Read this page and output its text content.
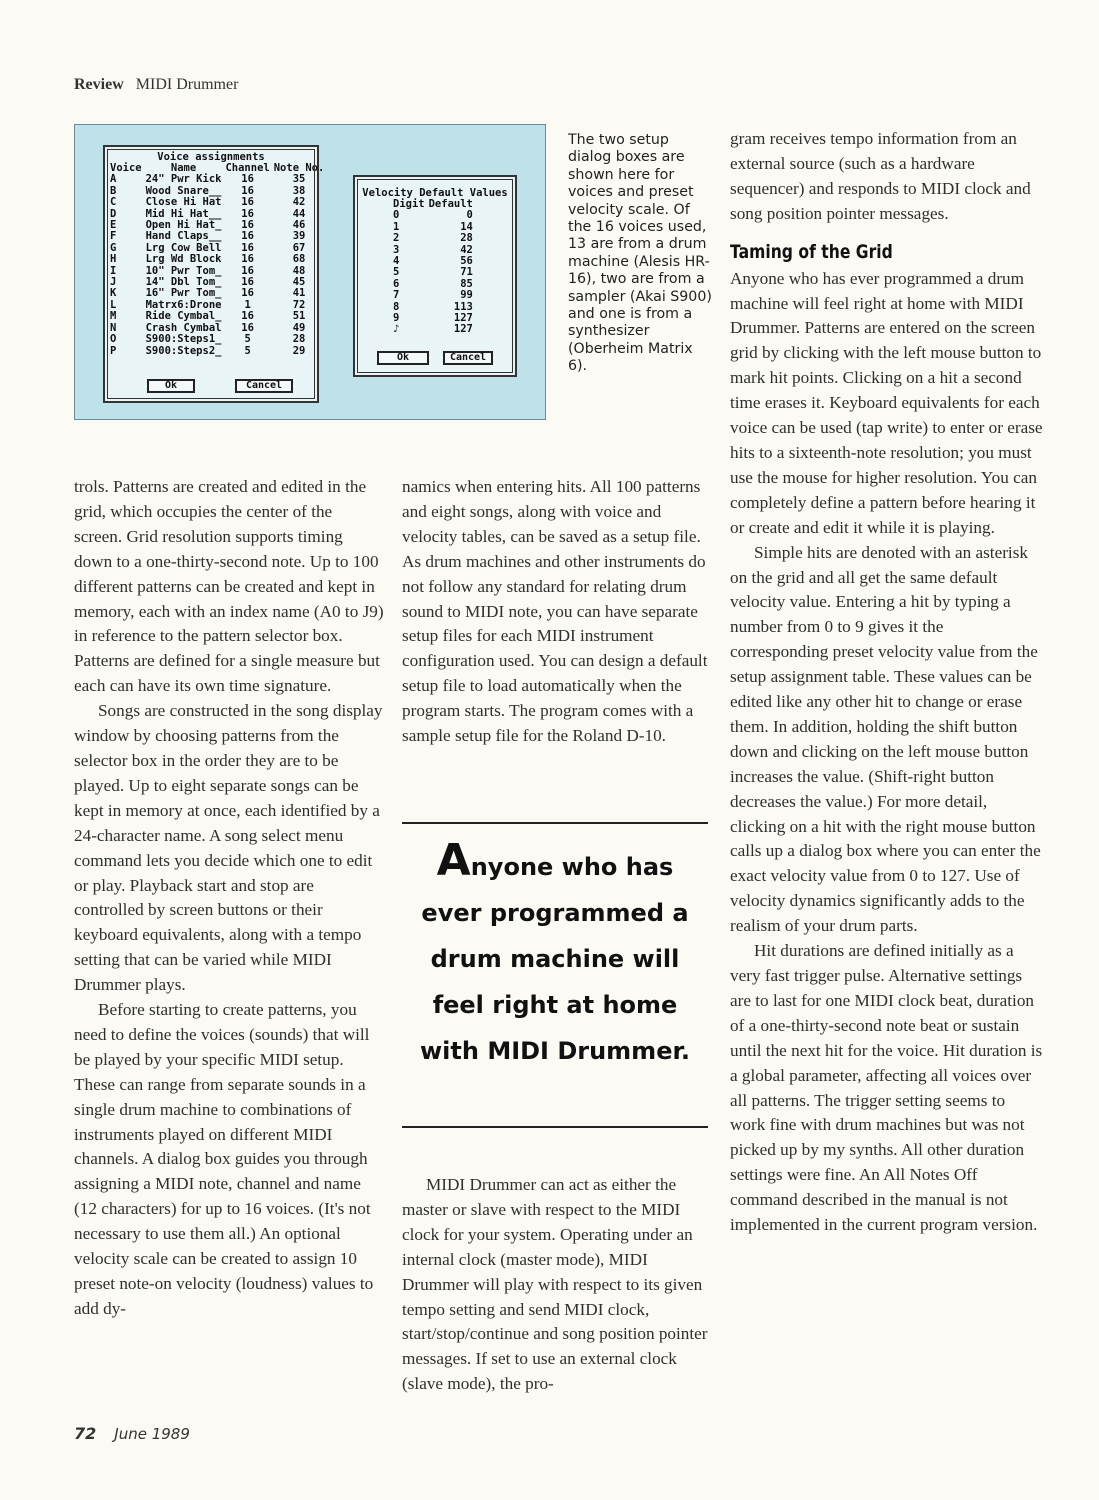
Review MIDI Drummer
Voice assignments
Voice	Name	Channel	Note No.
A	24" Pwr Kick	16	35
B	Wood Snare__	16	38
C	Close Hi Hat	16	42
D	Mid Hi Hat__	16	44
E	Open Hi Hat_	16	46
F	Hand Claps__	16	39
G	Lrg Cow Bell	16	67
H	Lrg Wd Block	16	68
I	10" Pwr Tom_	16	48
J	14" Dbl Tom_	16	45
K	16" Pwr Tom_	16	41
L	Matrx6:Drone	1	72
M	Ride Cymbal_	16	51
N	Crash Cymbal	16	49
O	S900:Steps1_	5	28
P	S900:Steps2_	5	29
Ok	Cancel
Velocity Default Values
Digit	Default
0	0
1	14
2	28
3	42
4	56
5	71
6	85
7	99
8	113
9	127
♪	127
Ok	Cancel
The two setup dialog boxes are shown here for voices and preset velocity scale. Of the 16 voices used, 13 are from a drum machine (Alesis HR-16), two are from a sampler (Akai S900) and one is from a synthesizer (Oberheim Matrix 6).

trols. Patterns are created and edited in the grid, which occupies the center of the screen. Grid resolution supports timing down to a one-thirty-second note. Up to 100 different patterns can be created and kept in memory, each with an index name (A0 to J9) in reference to the pattern selector box. Patterns are defined for a single measure but each can have its own time signature.

Songs are constructed in the song display window by choosing patterns from the selector box in the order they are to be played. Up to eight separate songs can be kept in memory at once, each identified by a 24-character name. A song select menu command lets you decide which one to edit or play. Playback start and stop are controlled by screen buttons or their keyboard equivalents, along with a tempo setting that can be varied while MIDI Drummer plays.

Before starting to create patterns, you need to define the voices (sounds) that will be played by your specific MIDI setup. These can range from separate sounds in a single drum machine to combinations of instruments played on different MIDI channels. A dialog box guides you through assigning a MIDI note, channel and name (12 characters) for up to 16 voices. (It's not necessary to use them all.) An optional velocity scale can be created to assign 10 preset note-on velocity (loudness) values to add dy-

namics when entering hits. All 100 patterns and eight songs, along with voice and velocity tables, can be saved as a setup file. As drum machines and other instruments do not follow any standard for relating drum sound to MIDI note, you can have separate setup files for each MIDI instrument configuration used. You can design a default setup file to load automatically when the program starts. The program comes with a sample setup file for the Roland D-10.

Anyone who has
ever programmed a
drum machine will
feel right at home
with MIDI Drummer.

MIDI Drummer can act as either the master or slave with respect to the MIDI clock for your system. Operating under an internal clock (master mode), MIDI Drummer will play with respect to its given tempo setting and send MIDI clock, start/stop/continue and song position pointer messages. If set to use an external clock (slave mode), the pro-

gram receives tempo information from an external source (such as a hardware sequencer) and responds to MIDI clock and song position pointer messages.

Taming of the Grid

Anyone who has ever programmed a drum machine will feel right at home with MIDI Drummer. Patterns are entered on the screen grid by clicking with the left mouse button to mark hit points. Clicking on a hit a second time erases it. Keyboard equivalents for each voice can be used (tap write) to enter or erase hits to a sixteenth-note resolution; you must use the mouse for higher resolution. You can completely define a pattern before hearing it or create and edit it while it is playing.

Simple hits are denoted with an asterisk on the grid and all get the same default velocity value. Entering a hit by typing a number from 0 to 9 gives it the corresponding preset velocity value from the setup assignment table. These values can be edited like any other hit to change or erase them. In addition, holding the shift button down and clicking on the left mouse button increases the value. (Shift-right button decreases the value.) For more detail, clicking on a hit with the right mouse button calls up a dialog box where you can enter the exact velocity value from 0 to 127. Use of velocity dynamics significantly adds to the realism of your drum parts.

Hit durations are defined initially as a very fast trigger pulse. Alternative settings are to last for one MIDI clock beat, duration of a one-thirty-second note beat or sustain until the next hit for the voice. Hit duration is a global parameter, affecting all voices over all patterns. The trigger setting seems to work fine with drum machines but was not picked up by my synths. All other duration settings were fine. An All Notes Off command described in the manual is not implemented in the current program version.

72 June 1989
